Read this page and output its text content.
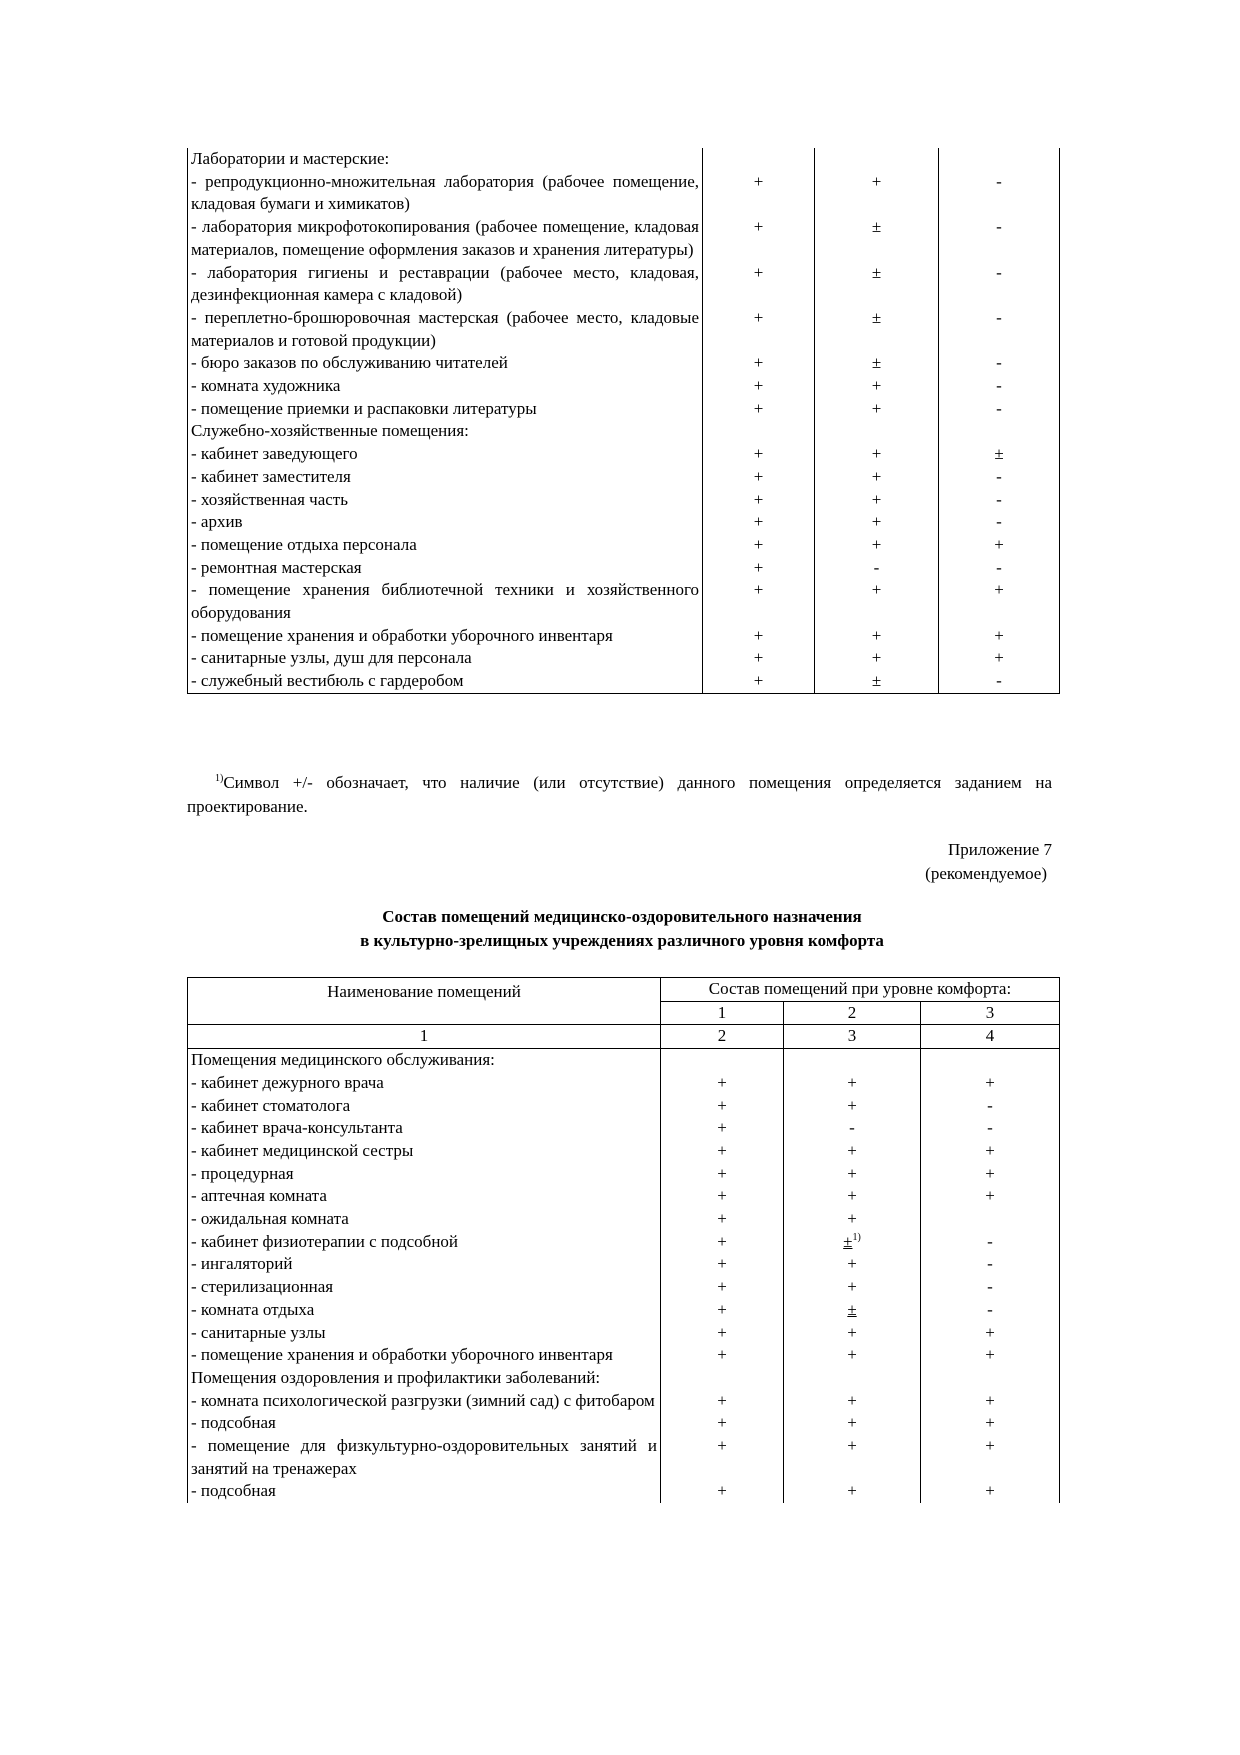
Лаборатории и мастерские:			
- репродукционно-множительная лаборатория (рабочее помещение, кладовая бумаги и химикатов)	+	+	-
- лаборатория микрофотокопирования (рабочее помещение, кладовая материалов, помещение оформления заказов и хранения литературы)	+	±	-
- лаборатория гигиены и реставрации (рабочее место, кладовая, дезинфекционная камера с кладовой)	+	±	-
- переплетно-брошюровочная мастерская (рабочее место, кладовые материалов и готовой продукции)	+	±	-
- бюро заказов по обслуживанию читателей	+	±	-
- комната художника	+	+	-
- помещение приемки и распаковки литературы	+	+	-
Служебно-хозяйственные помещения:			
- кабинет заведующего	+	+	±
- кабинет заместителя	+	+	-
- хозяйственная часть	+	+	-
- архив	+	+	-
- помещение отдыха персонала	+	+	+
- ремонтная мастерская	+	-	-
- помещение хранения библиотечной техники и хозяйственного оборудования	+	+	+
- помещение хранения и обработки уборочного инвентаря	+	+	+
- санитарные узлы, душ для персонала	+	+	+
- служебный вестибюль с гардеробом	+	±	-
$^{1)}$Символ +/- обозначает, что наличие (или отсутствие) данного помещения определяется заданием на проектирование.
Приложение 7
(рекомендуемое)
Состав помещений медицинско-оздоровительного назначения
в культурно-зрелищных учреждениях различного уровня комфорта
Наименование помещений	Состав помещений при уровне комфорта:		
	1	2	3
1	2	3	4
Помещения медицинского обслуживания:			
- кабинет дежурного врача	+	+	+
- кабинет стоматолога	+	+	-
- кабинет врача-консультанта	+	-	-
- кабинет медицинской сестры	+	+	+
- процедурная	+	+	+
- аптечная комната	+	+	+
- ожидальная комната	+	+	
- кабинет физиотерапии с подсобной	+	±$^{1)}$	-
- ингаляторий	+	+	-
- стерилизационная	+	+	-
- комната отдыха	+	±	-
- санитарные узлы	+	+	+
- помещение хранения и обработки уборочного инвентаря	+	+	+
Помещения оздоровления и профилактики заболеваний:			
- комната психологической разгрузки (зимний сад) с фитобаром	+	+	+
- подсобная	+	+	+
- помещение для физкультурно-оздоровительных занятий и занятий на тренажерах	+	+	+
- подсобная	+	+	+
